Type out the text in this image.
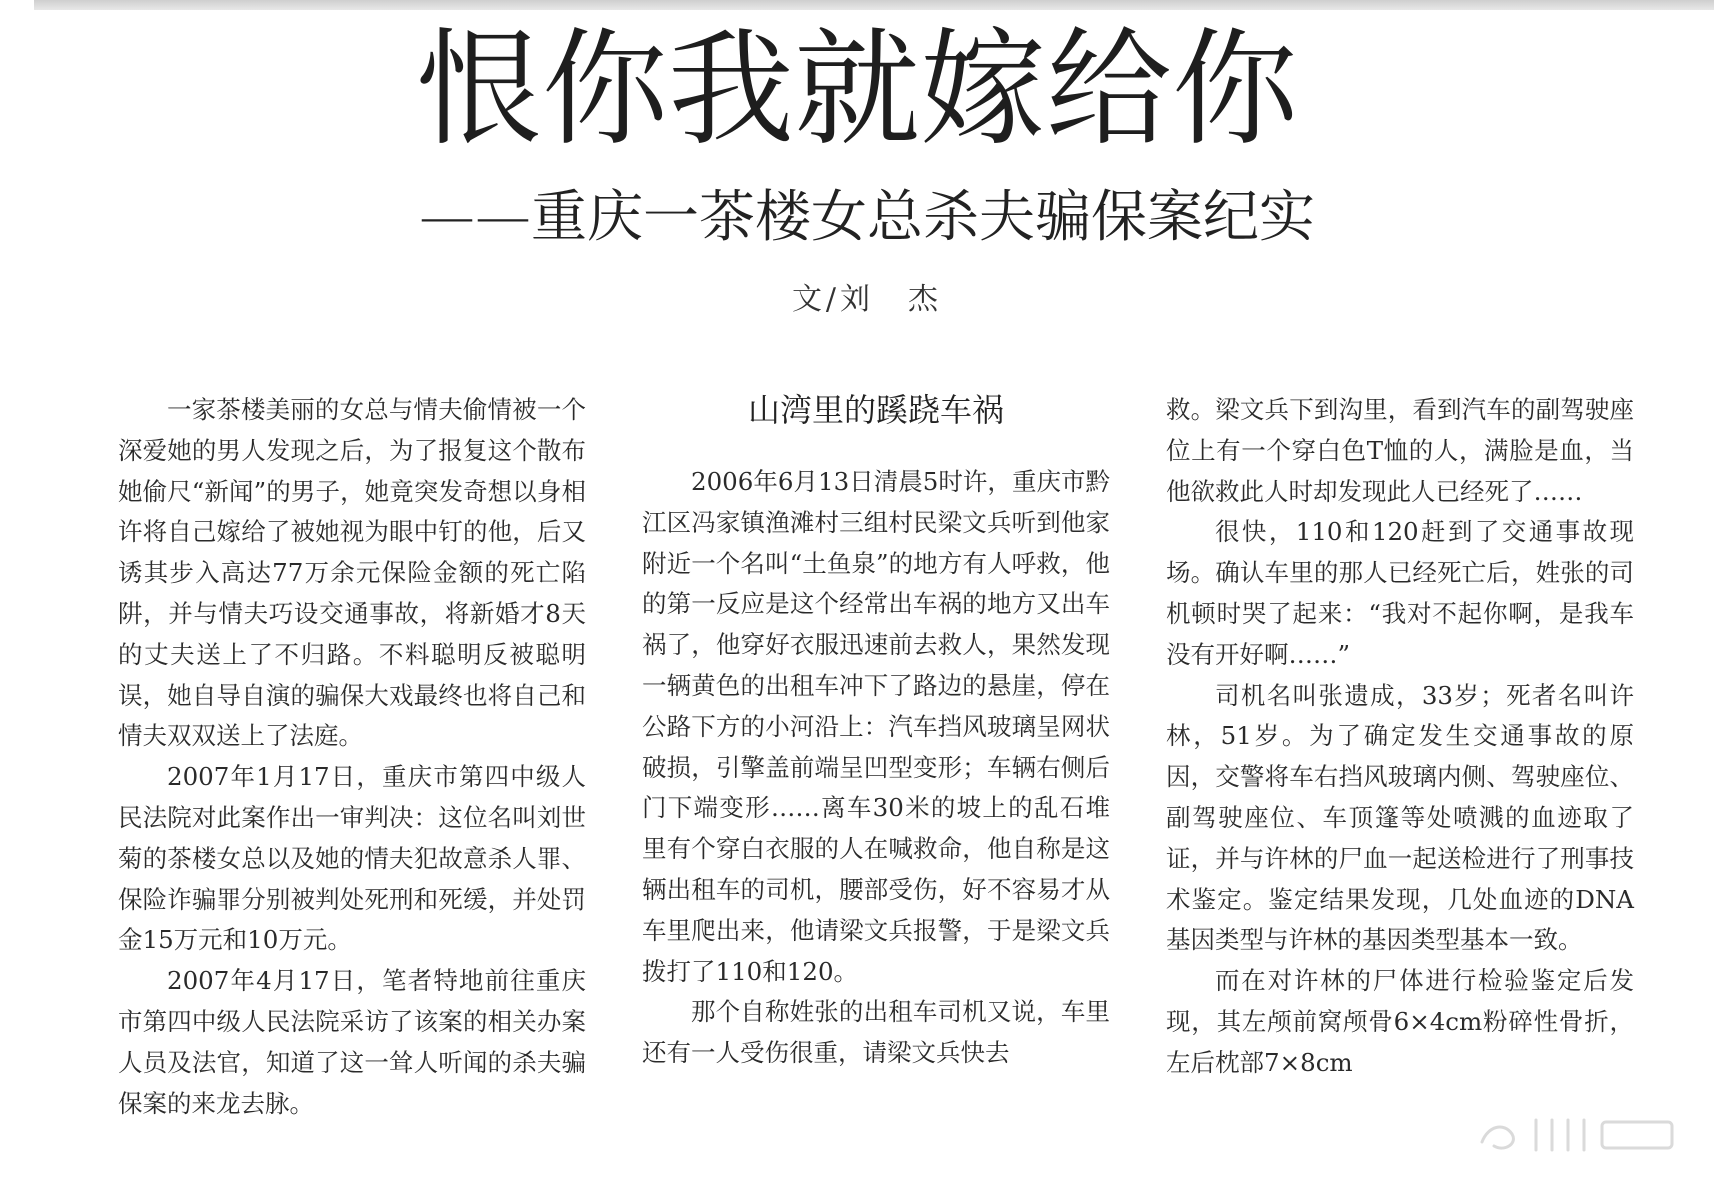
恨你我就嫁给你
——重庆一茶楼女总杀夫骗保案纪实
文/刘　杰

一家茶楼美丽的女总与情夫偷情被一个深爱她的男人发现之后，为了报复这个散布她偷尺“新闻”的男子，她竟突发奇想以身相许将自己嫁给了被她视为眼中钉的他，后又诱其步入高达77万余元保险金额的死亡陷阱，并与情夫巧设交通事故，将新婚才8天的丈夫送上了不归路。不料聪明反被聪明误，她自导自演的骗保大戏最终也将自己和情夫双双送上了法庭。

2007年1月17日，重庆市第四中级人民法院对此案作出一审判决：这位名叫刘世菊的茶楼女总以及她的情夫犯故意杀人罪、保险诈骗罪分别被判处死刑和死缓，并处罚金15万元和10万元。

2007年4月17日，笔者特地前往重庆市第四中级人民法院采访了该案的相关办案人员及法官，知道了这一耸人听闻的杀夫骗保案的来龙去脉。

山湾里的蹊跷车祸

2006年6月13日清晨5时许，重庆市黔江区冯家镇渔滩村三组村民梁文兵听到他家附近一个名叫“土鱼泉”的地方有人呼救，他的第一反应是这个经常出车祸的地方又出车祸了，他穿好衣服迅速前去救人，果然发现一辆黄色的出租车冲下了路边的悬崖，停在公路下方的小河沿上：汽车挡风玻璃呈网状破损，引擎盖前端呈凹型变形；车辆右侧后门下端变形……离车30米的坡上的乱石堆里有个穿白衣服的人在喊救命，他自称是这辆出租车的司机，腰部受伤，好不容易才从车里爬出来，他请梁文兵报警，于是梁文兵拨打了110和120。

那个自称姓张的出租车司机又说，车里还有一人受伤很重，请梁文兵快去

救。梁文兵下到沟里，看到汽车的副驾驶座位上有一个穿白色T恤的人，满脸是血，当他欲救此人时却发现此人已经死了……

很快，110和120赶到了交通事故现场。确认车里的那人已经死亡后，姓张的司机顿时哭了起来：“我对不起你啊，是我车没有开好啊……”

司机名叫张遗成，33岁；死者名叫许林，51岁。为了确定发生交通事故的原因，交警将车右挡风玻璃内侧、驾驶座位、副驾驶座位、车顶篷等处喷溅的血迹取了证，并与许林的尸血一起送检进行了刑事技术鉴定。鉴定结果发现，几处血迹的DNA基因类型与许林的基因类型基本一致。

而在对许林的尸体进行检验鉴定后发现，其左颅前窝颅骨6×4cm粉碎性骨折，左后枕部7×8cm
